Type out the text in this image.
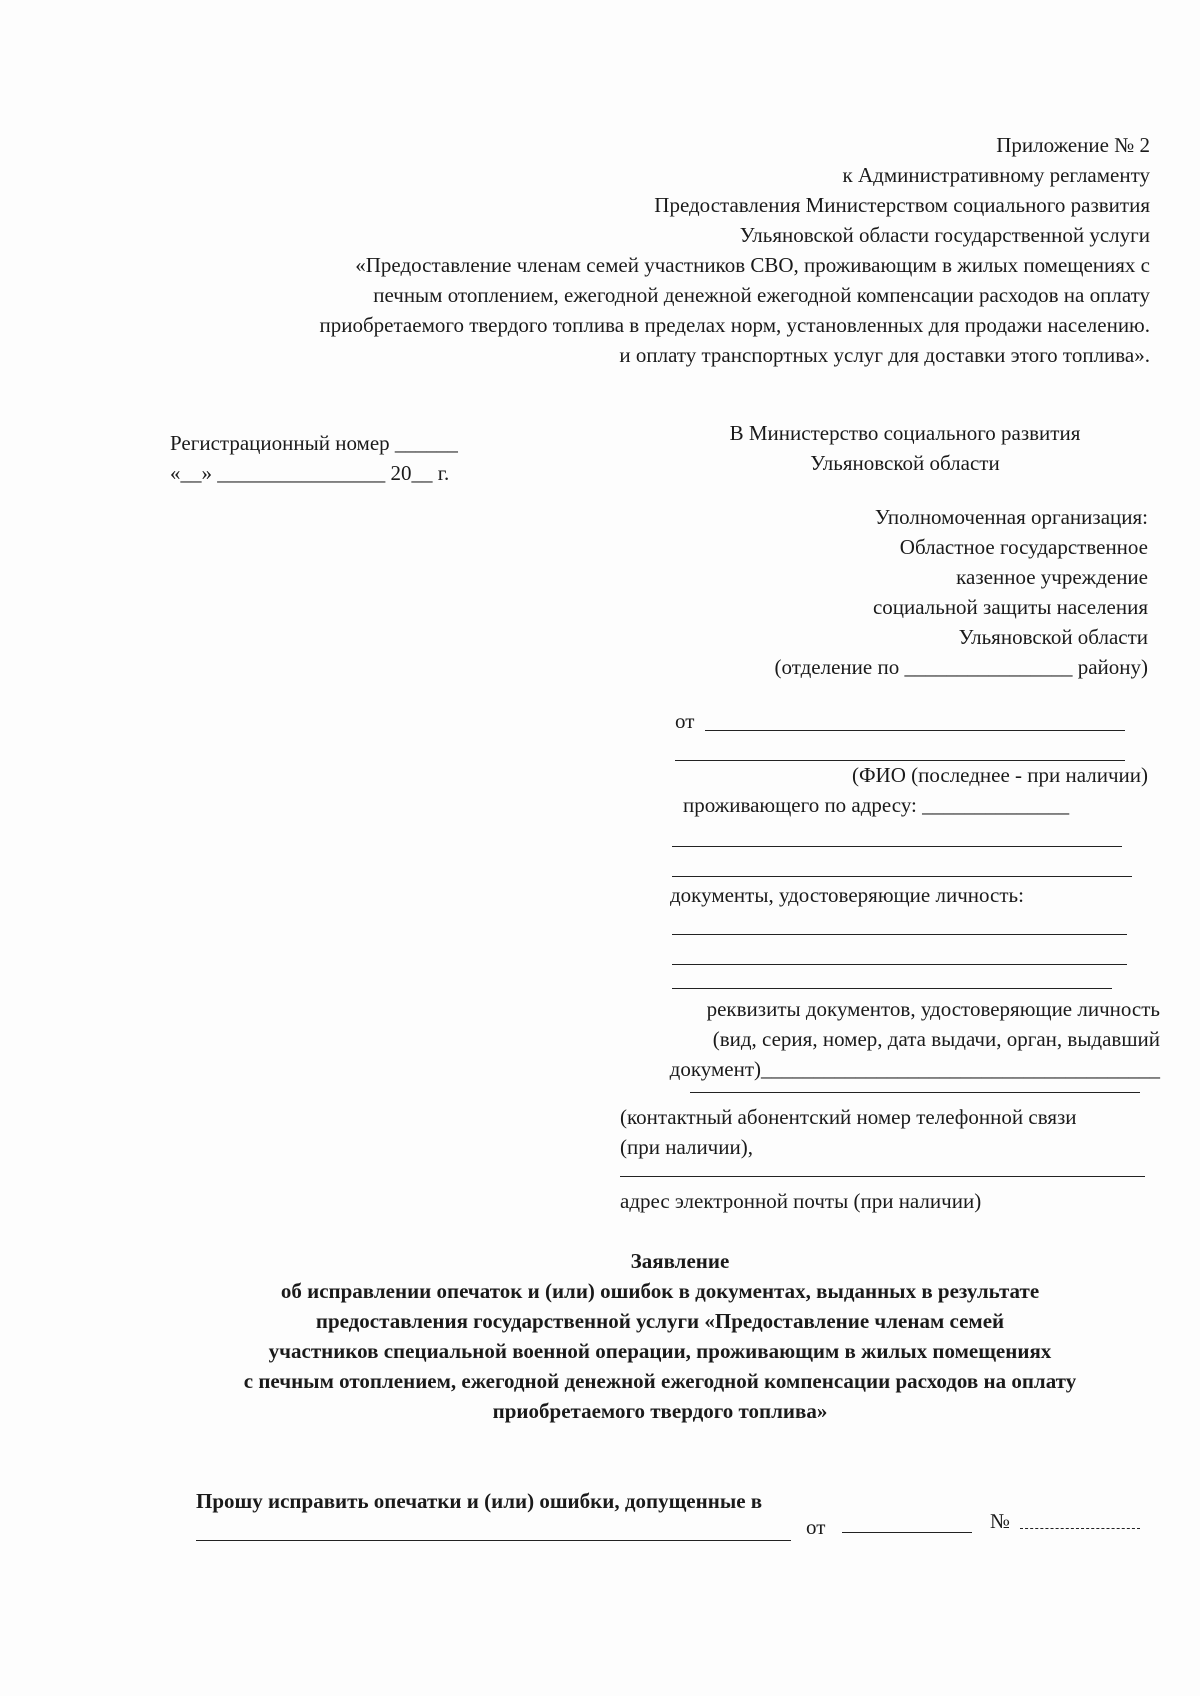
Приложение № 2
к Административному регламенту
Предоставления Министерством социального развития
Ульяновской области государственной услуги
«Предоставление членам семей участников СВО, проживающим в жилых помещениях с
печным отоплением, ежегодной денежной ежегодной компенсации расходов на оплату
приобретаемого твердого топлива в пределах норм, установленных для продажи населению.
и оплату транспортных услуг для доставки этого топлива».
Регистрационный номер ______
«__» ________________ 20__ г.
В Министерство социального развития
Ульяновской области
Уполномоченная организация:
Областное государственное
казенное учреждение
социальной защиты населения
Ульяновской области
(отделение по ________________ району)
от
(ФИО (последнее - при наличии)
проживающего по адресу: ______________
документы, удостоверяющие личность:
реквизиты документов, удостоверяющие личность
(вид, серия, номер, дата выдачи, орган, выдавший
документ)______________________________________
(контактный абонентский номер телефонной связи
(при наличии),
адрес электронной почты (при наличии)
Заявление
об исправлении опечаток и (или) ошибок в документах, выданных в результате
предоставления государственной услуги «Предоставление членам семей
участников специальной военной операции, проживающим в жилых помещениях
с печным отоплением, ежегодной денежной ежегодной компенсации расходов на оплату
приобретаемого твердого топлива»
Прошу исправить опечатки и (или) ошибки, допущенные в
от	№
